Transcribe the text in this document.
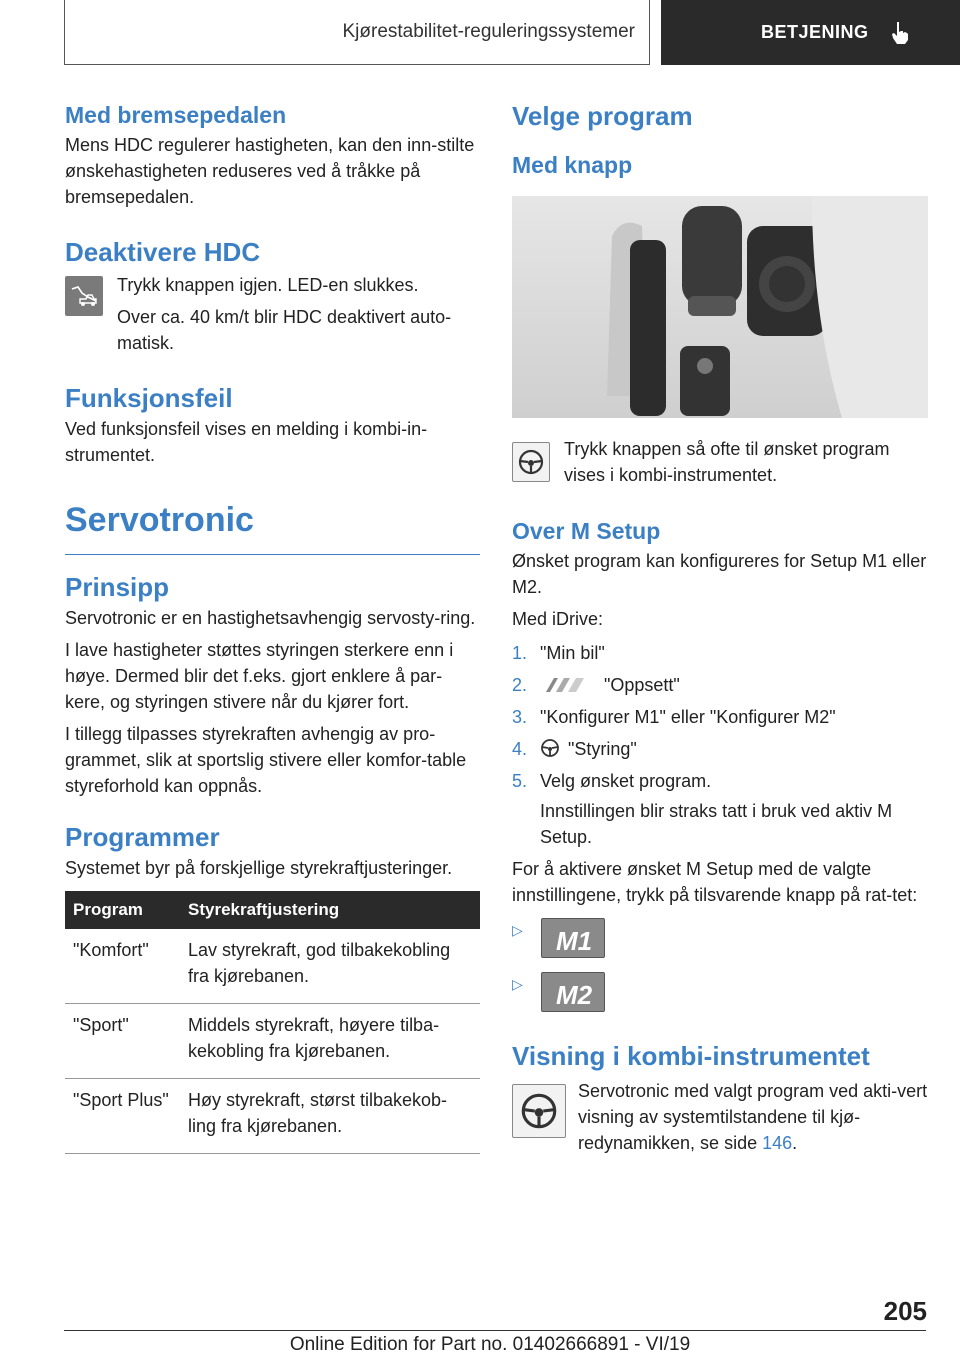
Kjørestabilitet-reguleringssystemer	BETJENING
Med bremsepedalen

Mens HDC regulerer hastigheten, kan den inn-stilte ønskehastigheten reduseres ved å tråkke på bremsepedalen.

Deaktivere HDC

Trykk knappen igjen. LED-en slukkes.

Over ca. 40 km/t blir HDC deaktivert auto-matisk.

Funksjonsfeil

Ved funksjonsfeil vises en melding i kombi-in-strumentet.

Servotronic
Prinsipp

Servotronic er en hastighetsavhengig servosty-ring.

I lave hastigheter støttes styringen sterkere enn i høye. Dermed blir det f.eks. gjort enklere å par-kere, og styringen stivere når du kjører fort.

I tillegg tilpasses styrekraften avhengig av pro-grammet, slik at sportslig stivere eller komfor-table styreforhold kan oppnås.

Programmer

Systemet byr på forskjellige styrekraftjusteringer.

Program	Styrekraftjustering
"Komfort"	Lav styrekraft, god tilbakekobling fra kjørebanen.
"Sport"	Middels styrekraft, høyere tilba-kekobling fra kjørebanen.
"Sport Plus"	Høy styrekraft, størst tilbakekob-ling fra kjørebanen.
Velge program
Med knapp

Trykk knappen så ofte til ønsket program vises i kombi-instrumentet.

Over M Setup

Ønsket program kan konfigureres for Setup M1 eller M2.

Med iDrive:

1. "Min bil"
2.	"Oppsett"
3. "Konfigurer M1" eller "Konfigurer M2"
4. "Styring"
5. Velg ønsket program.

Innstillingen blir straks tatt i bruk ved aktiv M Setup.

For å aktivere ønsket M Setup med de valgte innstillingene, trykk på tilsvarende knapp på rat-tet:

▷ M1
▷ M2
Visning i kombi-instrumentet

Servotronic med valgt program ved akti-vert visning av systemtilstandene til kjø-redynamikken, se side 146.

205
Online Edition for Part no. 01402666891 - VI/19
